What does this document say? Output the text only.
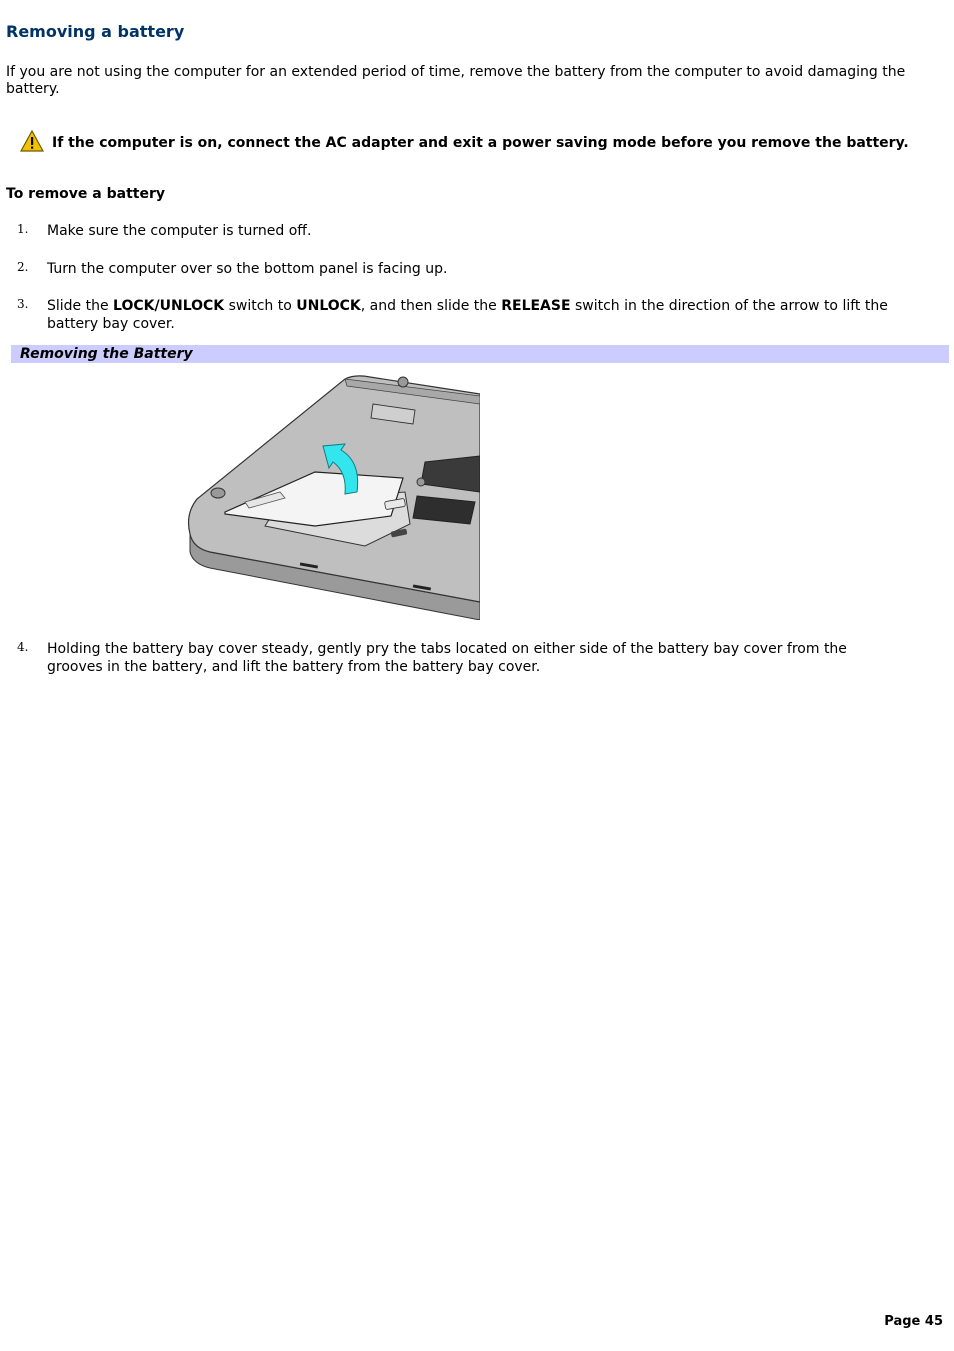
Removing a battery

If you are not using the computer for an extended period of time, remove the battery from the computer to avoid damaging the battery.

If the computer is on, connect the AC adapter and exit a power saving mode before you remove the battery.
To remove a battery
1. Make sure the computer is turned off.
2. Turn the computer over so the bottom panel is facing up.
3. Slide the LOCK/UNLOCK switch to UNLOCK, and then slide the RELEASE switch in the direction of the arrow to lift the battery bay cover.
Removing the Battery
4. Holding the battery bay cover steady, gently pry the tabs located on either side of the battery bay cover from the grooves in the battery, and lift the battery from the battery bay cover.
Page 45
